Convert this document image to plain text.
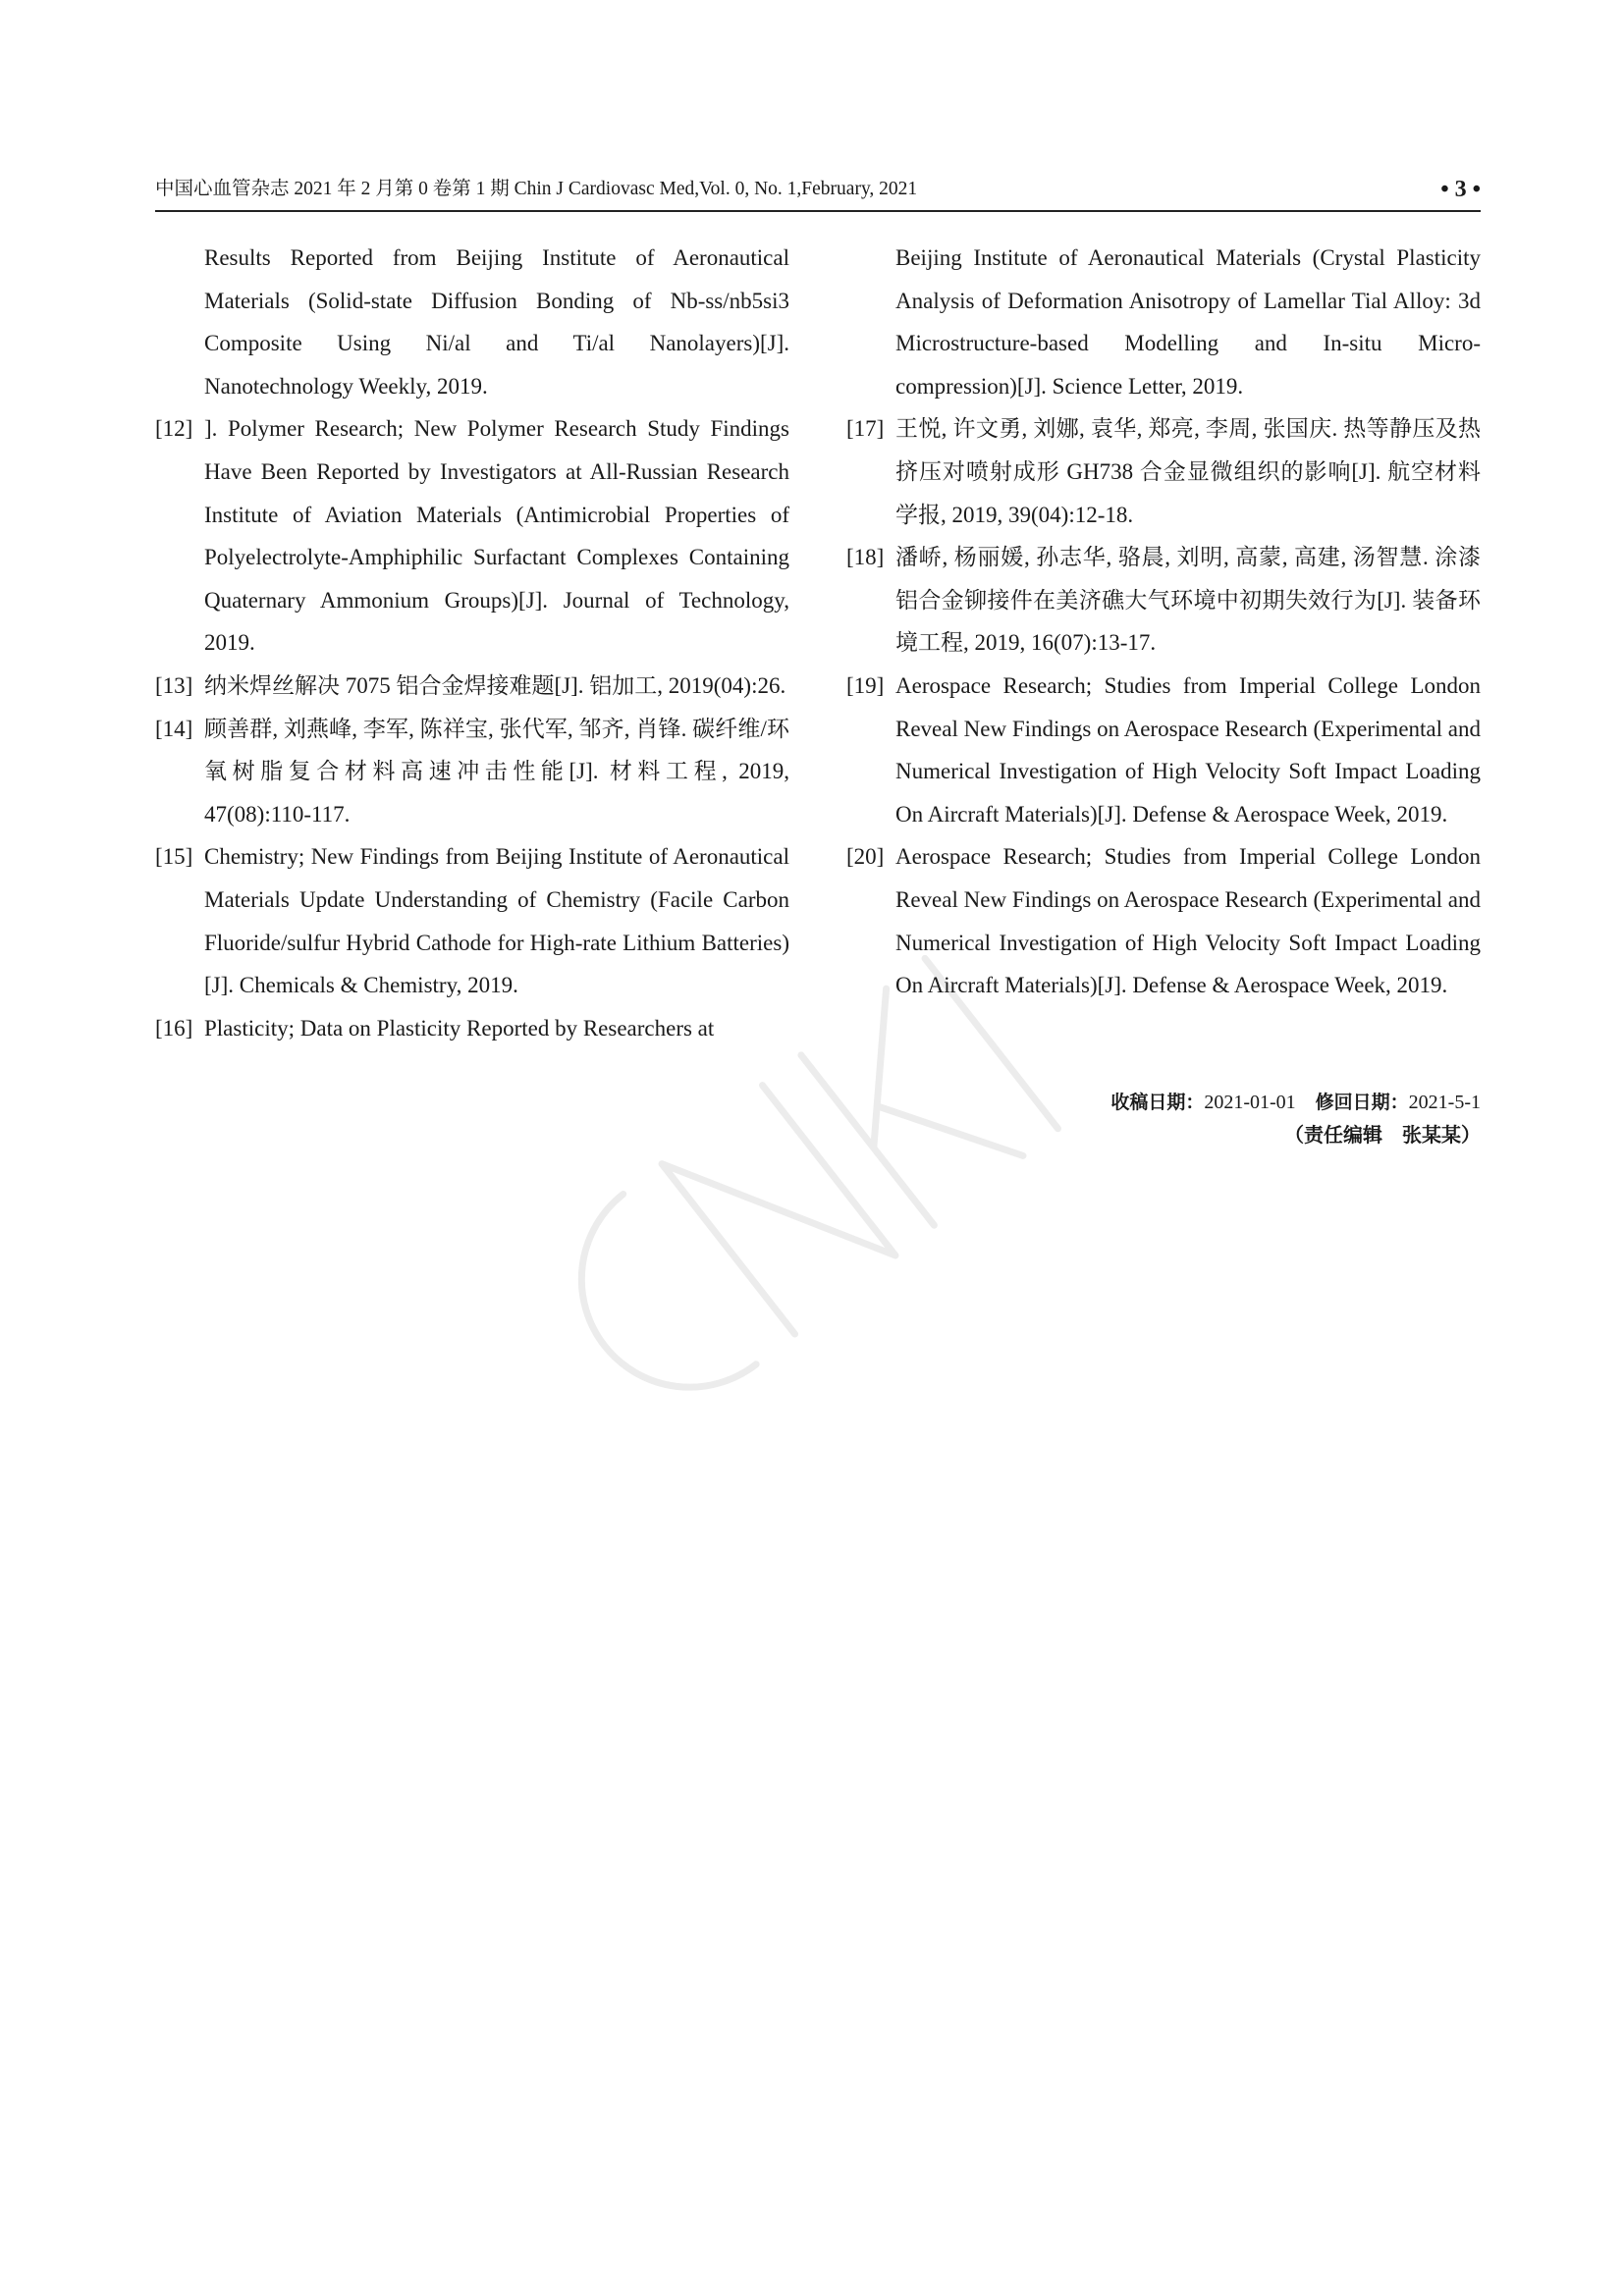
中国心血管杂志 2021 年 2 月第 0 卷第 1 期 Chin J Cardiovasc Med,Vol. 0, No. 1,February, 2021	• 3 •
Results Reported from Beijing Institute of Aeronautical Materials (Solid-state Diffusion Bonding of Nb-ss/nb5si3 Composite Using Ni/al and Ti/al Nanolayers)[J]. Nanotechnology Weekly, 2019.
[12] ]. Polymer Research; New Polymer Research Study Findings Have Been Reported by Investigators at All-Russian Research Institute of Aviation Materials (Antimicrobial Properties of Polyelectrolyte-Amphiphilic Surfactant Complexes Containing Quaternary Ammonium Groups)[J]. Journal of Technology, 2019.
[13] 纳米焊丝解决 7075 铝合金焊接难题[J]. 铝加工, 2019(04):26.
[14] 顾善群, 刘燕峰, 李军, 陈祥宝, 张代军, 邹齐, 肖锋. 碳纤维/环氧树脂复合材料高速冲击性能[J]. 材料工程, 2019, 47(08):110-117.
[15] Chemistry; New Findings from Beijing Institute of Aeronautical Materials Update Understanding of Chemistry (Facile Carbon Fluoride/sulfur Hybrid Cathode for High-rate Lithium Batteries)[J]. Chemicals & Chemistry, 2019.
[16] Plasticity; Data on Plasticity Reported by Researchers at
Beijing Institute of Aeronautical Materials (Crystal Plasticity Analysis of Deformation Anisotropy of Lamellar Tial Alloy: 3d Microstructure-based Modelling and In-situ Micro-compression)[J]. Science Letter, 2019.
[17] 王悦, 许文勇, 刘娜, 袁华, 郑亮, 李周, 张国庆. 热等静压及热挤压对喷射成形 GH738 合金显微组织的影响[J]. 航空材料学报, 2019, 39(04):12-18.
[18] 潘峤, 杨丽媛, 孙志华, 骆晨, 刘明, 高蒙, 高建, 汤智慧. 涂漆铝合金铆接件在美济礁大气环境中初期失效行为[J]. 装备环境工程, 2019, 16(07):13-17.
[19] Aerospace Research; Studies from Imperial College London Reveal New Findings on Aerospace Research (Experimental and Numerical Investigation of High Velocity Soft Impact Loading On Aircraft Materials)[J]. Defense & Aerospace Week, 2019.
[20] Aerospace Research; Studies from Imperial College London Reveal New Findings on Aerospace Research (Experimental and Numerical Investigation of High Velocity Soft Impact Loading On Aircraft Materials)[J]. Defense & Aerospace Week, 2019.
收稿日期：2021-01-01  修回日期：2021-5-1
（责任编辑　张某某）
